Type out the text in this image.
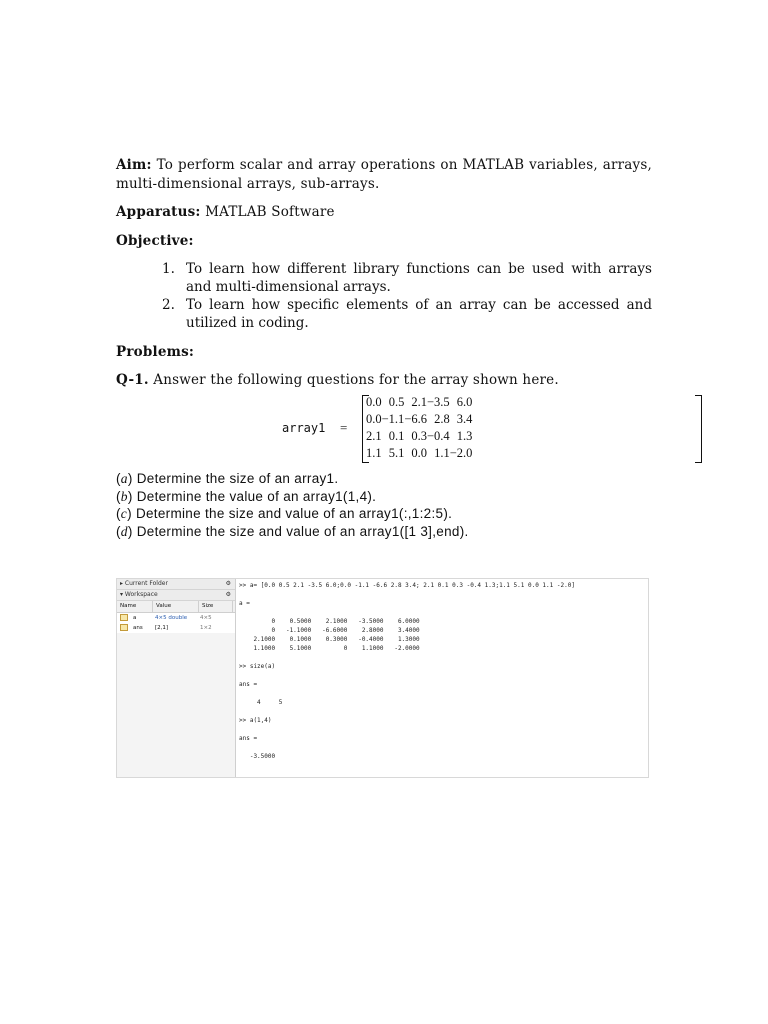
Aim: To perform scalar and array operations on MATLAB variables, arrays, multi-dimensional arrays, sub-arrays.
Apparatus: MATLAB Software
Objective:
1. To learn how different library functions can be used with arrays and multi-dimensional arrays.
2. To learn how specific elements of an array can be accessed and utilized in coding.
Problems:
Q-1. Answer the following questions for the array shown here.
array1 =
0.0	0.5	2.1	−3.5	6.0
0.0	−1.1	−6.6	2.8	3.4
2.1	0.1	0.3	−0.4	1.3
1.1	5.1	0.0	1.1	−2.0
(a) Determine the size of an array1.
(b) Determine the value of an array1(1,4).
(c) Determine the size and value of an array1(:,1:2:5).
(d) Determine the size and value of an array1([1 3],end).
▸ Current Folder	⚙
▾ Workspace	⚙
Name	Value	Size
a	4×5 double	4×5
ans	[2,1]	1×2
>> a= [0.0 0.5 2.1 -3.5 6.0;0.0 -1.1 -6.6 2.8 3.4; 2.1 0.1 0.3 -0.4 1.3;1.1 5.1 0.0 1.1 -2.0]

a =

0    0.5000    2.1000   -3.5000    6.0000
0   -1.1000   -6.6000    2.8000    3.4000
2.1000    0.1000    0.3000   -0.4000    1.3000
1.1000    5.1000         0    1.1000   -2.0000

>> size(a)

ans =

4     5

>> a(1,4)

ans =

-3.5000
